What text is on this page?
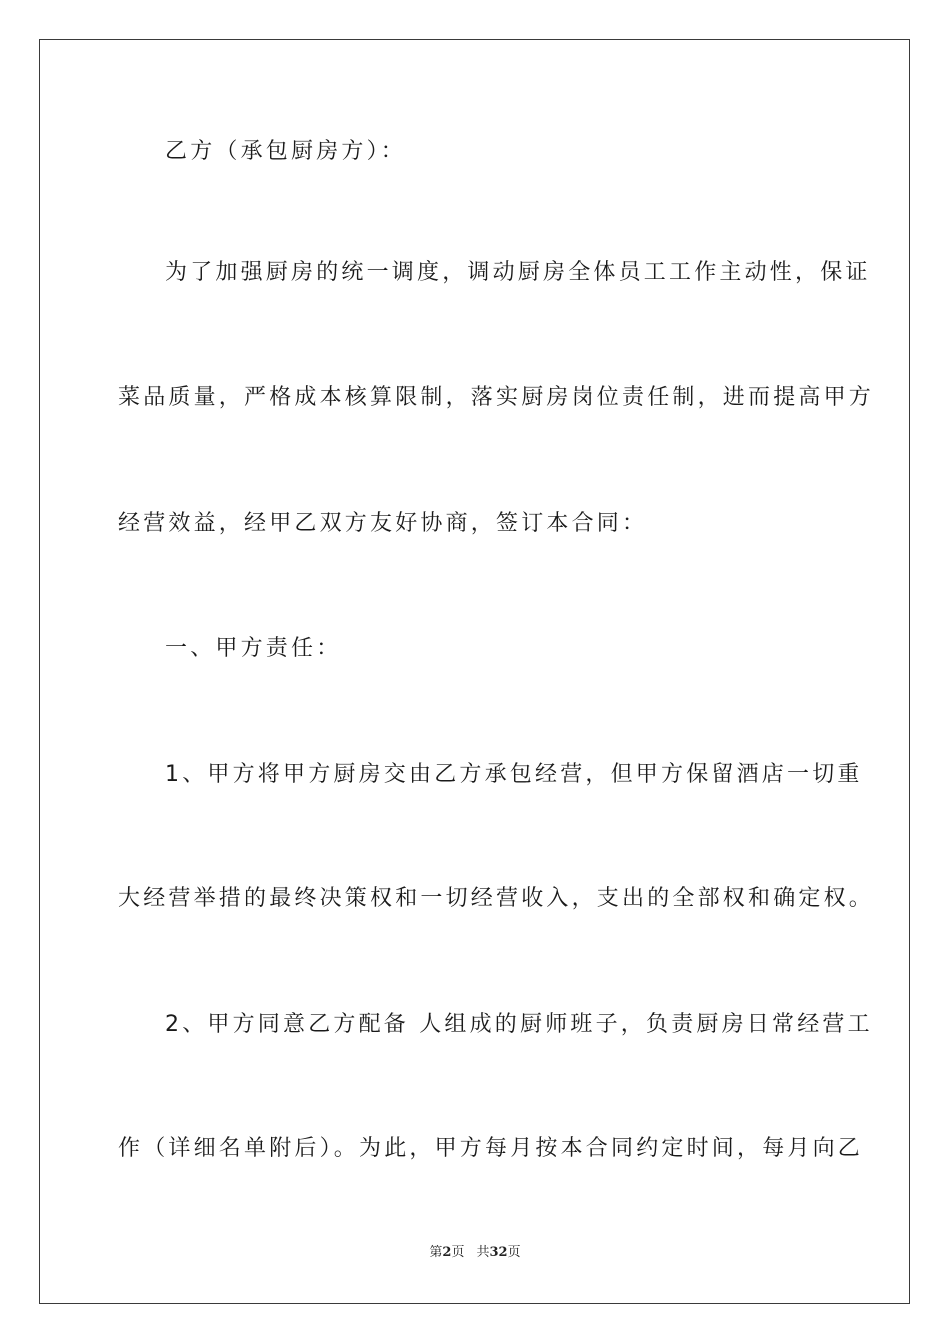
乙方（承包厨房方）：
为了加强厨房的统一调度，调动厨房全体员工工作主动性，保证
菜品质量，严格成本核算限制，落实厨房岗位责任制，进而提高甲方
经营效益，经甲乙双方友好协商，签订本合同：
一、甲方责任：
1、甲方将甲方厨房交由乙方承包经营，但甲方保留酒店一切重
大经营举措的最终决策权和一切经营收入，支出的全部权和确定权。
2、甲方同意乙方配备 人组成的厨师班子，负责厨房日常经营工
作（详细名单附后）。为此，甲方每月按本合同约定时间，每月向乙
第2页 共32页
